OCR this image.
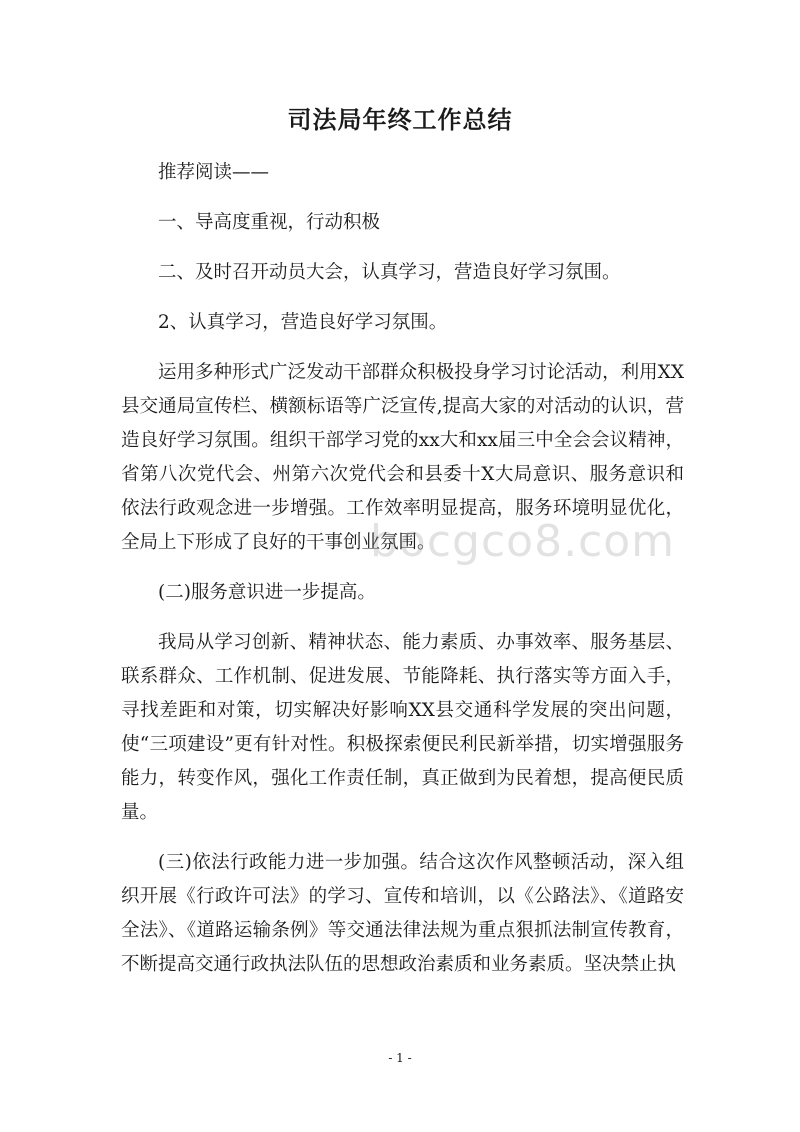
司法局年终工作总结

推荐阅读——

一、导高度重视，行动积极

二、及时召开动员大会，认真学习，营造良好学习氛围。

2、认真学习，营造良好学习氛围。

运用多种形式广泛发动干部群众积极投身学习讨论活动，利用XX县交通局宣传栏、横额标语等广泛宣传,提高大家的对活动的认识，营造良好学习氛围。组织干部学习党的xx大和xx届三中全会会议精神，省第八次党代会、州第六次党代会和县委十X大局意识、服务意识和依法行政观念进一步增强。工作效率明显提高，服务环境明显优化，全局上下形成了良好的干事创业氛围。

(二)服务意识进一步提高。

我局从学习创新、精神状态、能力素质、办事效率、服务基层、联系群众、工作机制、促进发展、节能降耗、执行落实等方面入手，寻找差距和对策，切实解决好影响XX县交通科学发展的突出问题，使“三项建设”更有针对性。积极探索便民利民新举措，切实增强服务能力，转变作风，强化工作责任制，真正做到为民着想，提高便民质量。

(三)依法行政能力进一步加强。结合这次作风整顿活动，深入组织开展《行政许可法》的学习、宣传和培训，以《公路法》、《道路安全法》、《道路运输条例》等交通法律法规为重点狠抓法制宣传教育，不断提高交通行政执法队伍的思想政治素质和业务素质。坚决禁止执

bocgco8.com
- 1 -
